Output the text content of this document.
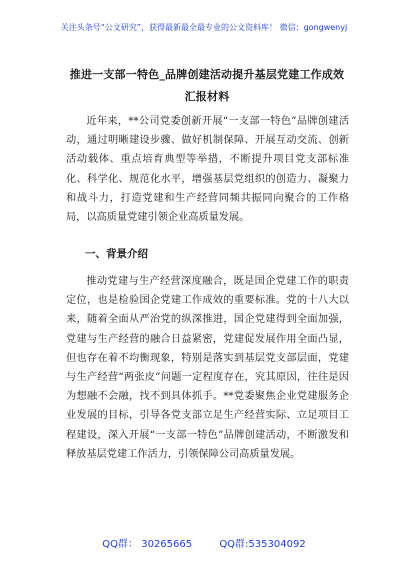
关注头条号“公文研究”，获得最新最全最专业的公文资料库！ 微信：gongwenyj
推进一支部一特色_品牌创建活动提升基层党建工作成效汇报材料
近年来，**公司党委创新开展“一支部一特色”品牌创建活动，通过明晰建设步骤、做好机制保障、开展互动交流、创新活动载体、重点培育典型等举措，不断提升项目党支部标准化、科学化、规范化水平，增强基层党组织的创造力、凝聚力和战斗力，打造党建和生产经营同频共振同向聚合的工作格局，以高质量党建引领企业高质量发展。
一、背景介绍
推动党建与生产经营深度融合，既是国企党建工作的职责定位，也是检验国企党建工作成效的重要标准。党的十八大以来，随着全面从严治党的纵深推进，国企党建得到全面加强，党建与生产经营的融合日益紧密，党建促发展作用全面凸显，但也存在着不均衡现象，特别是落实到基层党支部层面，党建与生产经营“两张皮”问题一定程度存在，究其原因，往往是因为想融不会融，找不到具体抓手。**党委聚焦企业党建服务企业发展的目标，引导各党支部立足生产经营实际、立足项目工程建设，深入开展“一支部一特色”品牌创建活动，不断激发和释放基层党建工作活力，引领保障公司高质量发展。
QQ群： 30265665	QQ群:535304092
